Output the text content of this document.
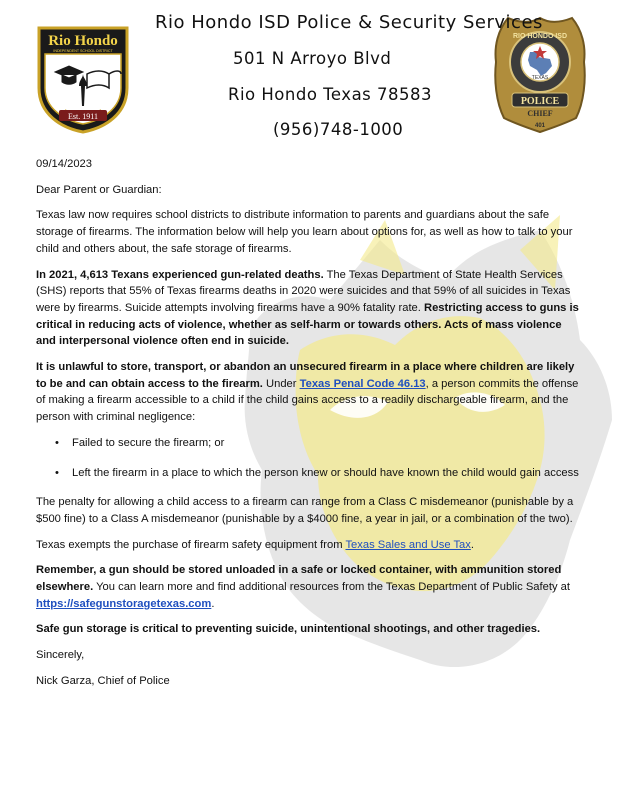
Rio Hondo
INDEPENDENT SCHOOL DISTRICT
Est. 1911
RIO HONDO ISD
TEXAS
POLICE
CHIEF
401
Rio Hondo ISD Police & Security Services
501 N Arroyo Blvd
Rio Hondo Texas 78583
(956)748-1000

09/14/2023

Dear Parent or Guardian:

Texas law now requires school districts to distribute information to parents and guardians about the safe storage of firearms. The information below will help you learn about options for, as well as how to talk to your child and others about, the safe storage of firearms.

In 2021, 4,613 Texans experienced gun-related deaths. The Texas Department of State Health Services (SHS) reports that 55% of Texas firearms deaths in 2020 were suicides and that 59% of all suicides in Texas were by firearms. Suicide attempts involving firearms have a 90% fatality rate. Restricting access to guns is critical in reducing acts of violence, whether as self-harm or towards others. Acts of mass violence and interpersonal violence often end in suicide.

It is unlawful to store, transport, or abandon an unsecured firearm in a place where children are likely to be and can obtain access to the firearm. Under Texas Penal Code 46.13, a person commits the offense of making a firearm accessible to a child if the child gains access to a readily dischargeable firearm, and the person with criminal negligence:

• Failed to secure the firearm; or
• Left the firearm in a place to which the person knew or should have known the child would gain access

The penalty for allowing a child access to a firearm can range from a Class C misdemeanor (punishable by a $500 fine) to a Class A misdemeanor (punishable by a $4000 fine, a year in jail, or a combination of the two).

Texas exempts the purchase of firearm safety equipment from Texas Sales and Use Tax.

Remember, a gun should be stored unloaded in a safe or locked container, with ammunition stored elsewhere. You can learn more and find additional resources from the Texas Department of Public Safety at https://safegunstoragetexas.com.

Safe gun storage is critical to preventing suicide, unintentional shootings, and other tragedies.

Sincerely,

Nick Garza, Chief of Police
